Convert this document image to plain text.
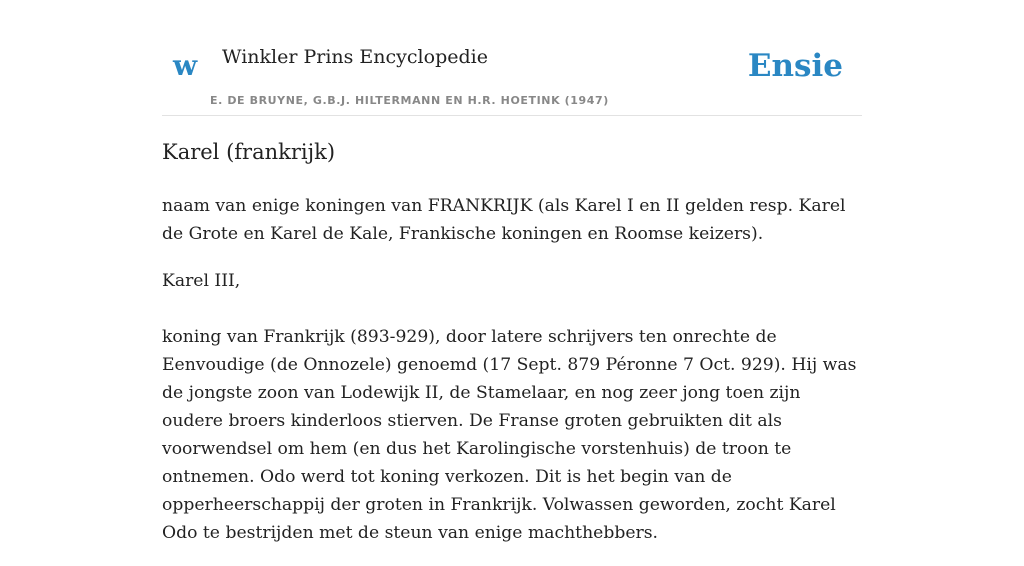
w Winkler Prins Encyclopedie
E. DE BRUYNE, G.B.J. HILTERMANN EN H.R. HOETINK (1947)
Ensie
Karel (frankrijk)

naam van enige koningen van FRANKRIJK (als Karel I en II gelden resp. Karel de Grote en Karel de Kale, Frankische koningen en Roomse keizers).

Karel III,

koning van Frankrijk (893-929), door latere schrijvers ten onrechte de Eenvoudige (de Onnozele) genoemd (17 Sept. 879 Péronne 7 Oct. 929). Hij was de jongste zoon van Lodewijk II, de Stamelaar, en nog zeer jong toen zijn oudere broers kinderloos stierven. De Franse groten gebruikten dit als voorwendsel om hem (en dus het Karolingische vorstenhuis) de troon te ontnemen. Odo werd tot koning verkozen. Dit is het begin van de opperheerschappij der groten in Frankrijk. Volwassen geworden, zocht Karel Odo te bestrijden met de steun van enige machthebbers.
